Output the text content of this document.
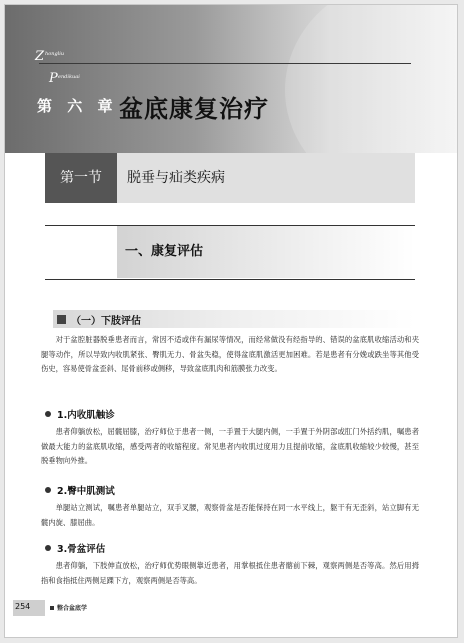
Z hongliu
P endikuai
第 六 章 盆底康复治疗
第一节	脱垂与疝类疾病
一、康复评估
（一）下肢评估

对于盆腔脏器脱垂患者而言，常因不适或伴有漏尿等情况，而经常做没有经指导的、错误的盆底肌收缩活动和夹腿等动作，所以导致内收肌紧张、臀肌无力、骨盆失稳，使得盆底肌激活更加困难。若是患者有分娩或跌坐等其他受伤史，容易使骨盆歪斜、尾骨前移或侧移，导致盆底肌肉和筋膜张力改变。

1.内收肌触诊

患者仰躺放松，屈髋屈膝，治疗师位于患者一侧，一手置于大腿内侧，一手置于外阴部或肛门外括约肌，嘱患者做最大能力的盆底肌收缩，感受两者的收缩程度。常见患者内收肌过度用力且提前收缩，盆底肌收缩较少较慢，甚至脱垂物向外推。

2.臀中肌测试

单腿站立测试，嘱患者单腿站立，双手叉腰，观察骨盆是否能保持在同一水平线上，躯干有无歪斜，站立脚有无髋内旋、膝屈曲。

3.骨盆评估

患者仰躺，下肢伸直放松，治疗师优势眼侧靠近患者，用掌根抵住患者髂前下棘，观察两侧是否等高。然后用拇指和食指抵住两侧足踝下方，观察两侧是否等高。

254	整合盆底学
